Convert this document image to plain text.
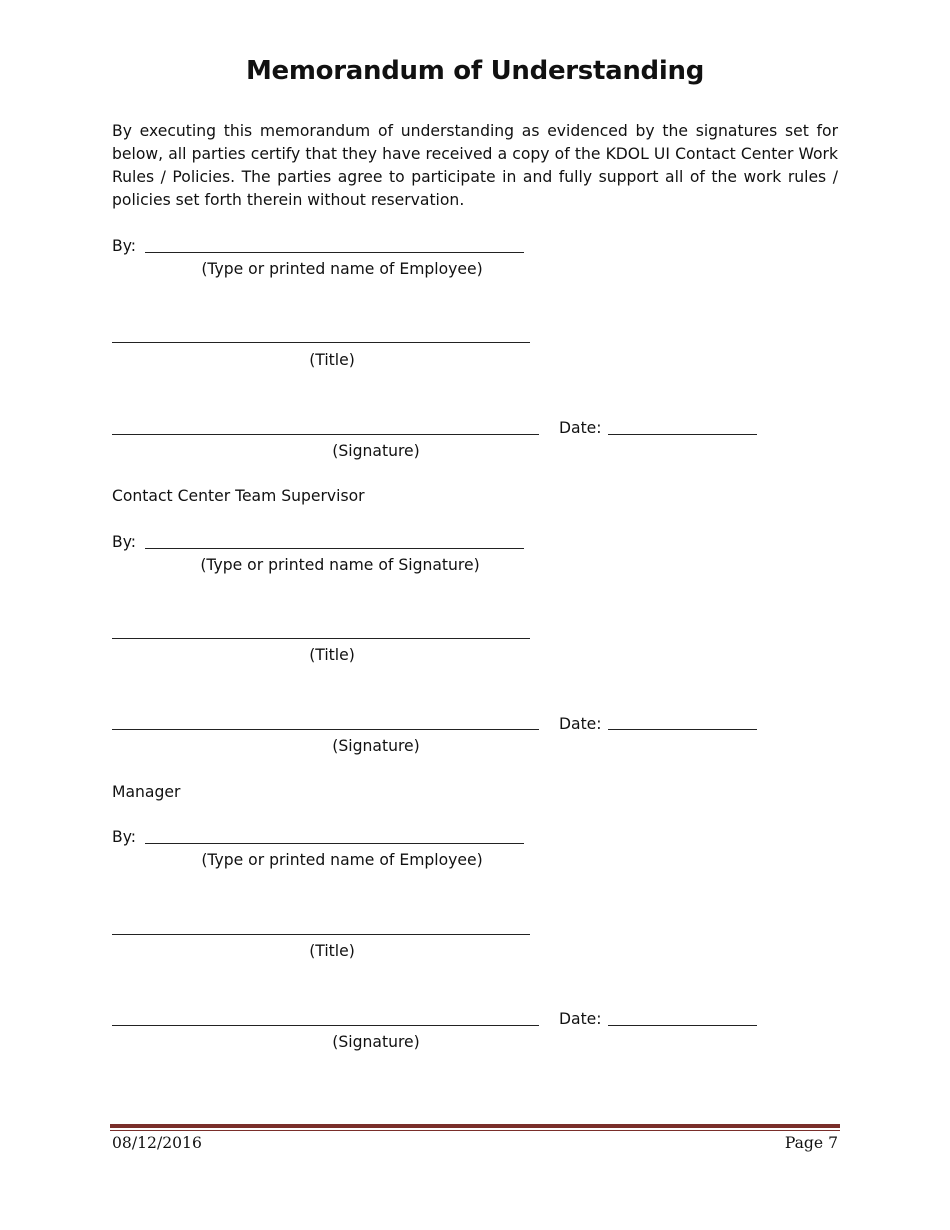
Memorandum of Understanding
By executing this memorandum of understanding as evidenced by the signatures set for below, all parties certify that they have received a copy of the KDOL UI Contact Center Work Rules / Policies. The parties agree to participate in and fully support all of the work rules / policies set forth therein without reservation.
By:
(Type or printed name of Employee)
(Title)
(Signature)
Date:
Contact Center Team Supervisor
By:
(Type or printed name of Signature)
(Title)
(Signature)
Date:
Manager
By:
(Type or printed name of Employee)
(Title)
(Signature)
Date:
08/12/2016	Page 7
